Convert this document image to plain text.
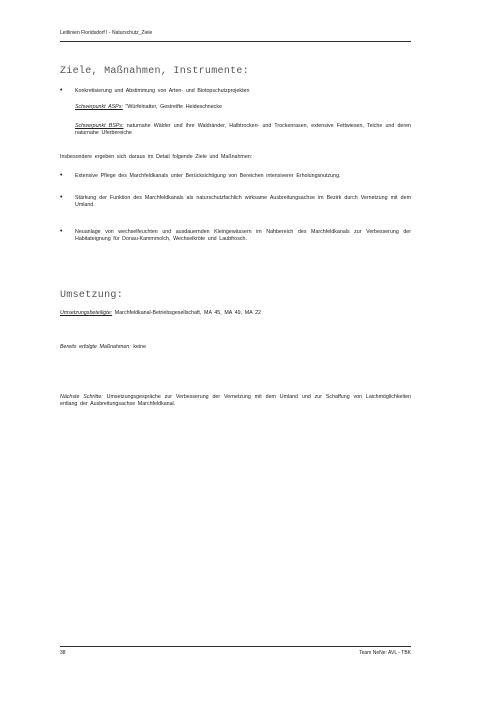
Leitlinien Floridsdorf I - Naturschutz_Ziele
Ziele, Maßnahmen, Instrumente:
• Konkretisierung und Abstimmung von Arten- und Biotopschutzprojekten
Schwerpunkt ASPs: "Würfelnatter, Gestreifte Heideschnecke
Schwerpunkt BSPs: naturnahe Wälder und ihre Waldränder, Halbtrocken- und Trockenrasen, extensive Fettwiesen, Teiche und deren naturnahe Uferbereiche
Insbesondere ergeben sich daraus im Detail folgende Ziele und Maßnahmen:
• Extensive Pflege des Marchfeldkanals unter Berücksichtigung von Bereichen intensiverer Erholungsnutzung.
• Stärkung der Funktion des Marchfeldkanals als naturschutzfachlich wirksame Ausbreitungsachse im Bezirk durch Vernetzung mit dem Umland.
• Neuanlage von wechselfeuchten und ausdauernden Kleingewässern im Nahbereich des Marchfeldkanals zur Verbesserung der Habitateignung für Donau-Kammmolch, Wechselkröte und Laubfrosch.
Umsetzung:
Umsetzungsbeteiligte: Marchfeldkanal-Betriebsgesellschaft, MA 45, MA 49, MA 22
Bereits erfolgte Maßnahmen: keine
Nächste Schritte: Umsetzungsgespräche zur Verbesserung der Vernetzung mit dem Umland und zur Schaffung von Laichmöglichkeiten entlang der Ausbreitungsachse Marchfeldkanal.
38	Team NeNe: AVL - TBK
